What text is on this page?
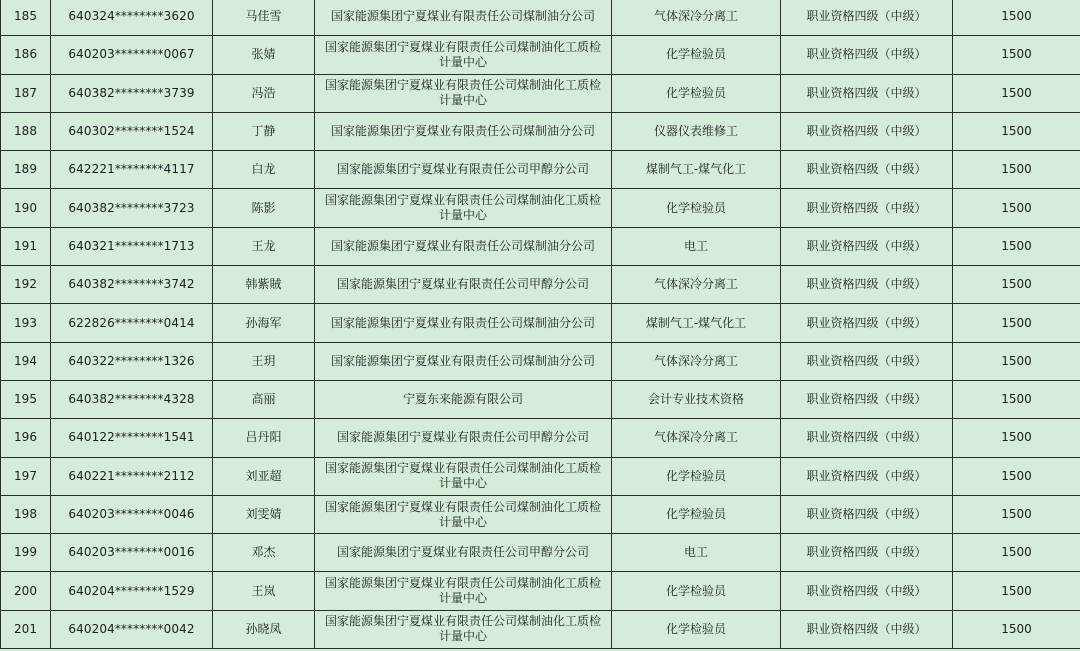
185	640324********3620	马佳雪	国家能源集团宁夏煤业有限责任公司煤制油分公司	气体深冷分离工	职业资格四级（中级）	1500
186	640203********0067	张婧	国家能源集团宁夏煤业有限责任公司煤制油化工质检计量中心	化学检验员	职业资格四级（中级）	1500
187	640382********3739	冯浩	国家能源集团宁夏煤业有限责任公司煤制油化工质检计量中心	化学检验员	职业资格四级（中级）	1500
188	640302********1524	丁静	国家能源集团宁夏煤业有限责任公司煤制油分公司	仪器仪表维修工	职业资格四级（中级）	1500
189	642221********4117	白龙	国家能源集团宁夏煤业有限责任公司甲醇分公司	煤制气工-煤气化工	职业资格四级（中级）	1500
190	640382********3723	陈影	国家能源集团宁夏煤业有限责任公司煤制油化工质检计量中心	化学检验员	职业资格四级（中级）	1500
191	640321********1713	王龙	国家能源集团宁夏煤业有限责任公司煤制油分公司	电工	职业资格四级（中级）	1500
192	640382********3742	韩紫賊	国家能源集团宁夏煤业有限责任公司甲醇分公司	气体深冷分离工	职业资格四级（中级）	1500
193	622826********0414	孙海军	国家能源集团宁夏煤业有限责任公司煤制油分公司	煤制气工-煤气化工	职业资格四级（中级）	1500
194	640322********1326	王玥	国家能源集团宁夏煤业有限责任公司煤制油分公司	气体深冷分离工	职业资格四级（中级）	1500
195	640382********4328	高丽	宁夏东来能源有限公司	会计专业技术资格	职业资格四级（中级）	1500
196	640122********1541	吕丹阳	国家能源集团宁夏煤业有限责任公司甲醇分公司	气体深冷分离工	职业资格四级（中级）	1500
197	640221********2112	刘亚超	国家能源集团宁夏煤业有限责任公司煤制油化工质检计量中心	化学检验员	职业资格四级（中级）	1500
198	640203********0046	刘雯婧	国家能源集团宁夏煤业有限责任公司煤制油化工质检计量中心	化学检验员	职业资格四级（中级）	1500
199	640203********0016	邓杰	国家能源集团宁夏煤业有限责任公司甲醇分公司	电工	职业资格四级（中级）	1500
200	640204********1529	王岚	国家能源集团宁夏煤业有限责任公司煤制油化工质检计量中心	化学检验员	职业资格四级（中级）	1500
201	640204********0042	孙晓凤	国家能源集团宁夏煤业有限责任公司煤制油化工质检计量中心	化学检验员	职业资格四级（中级）	1500
